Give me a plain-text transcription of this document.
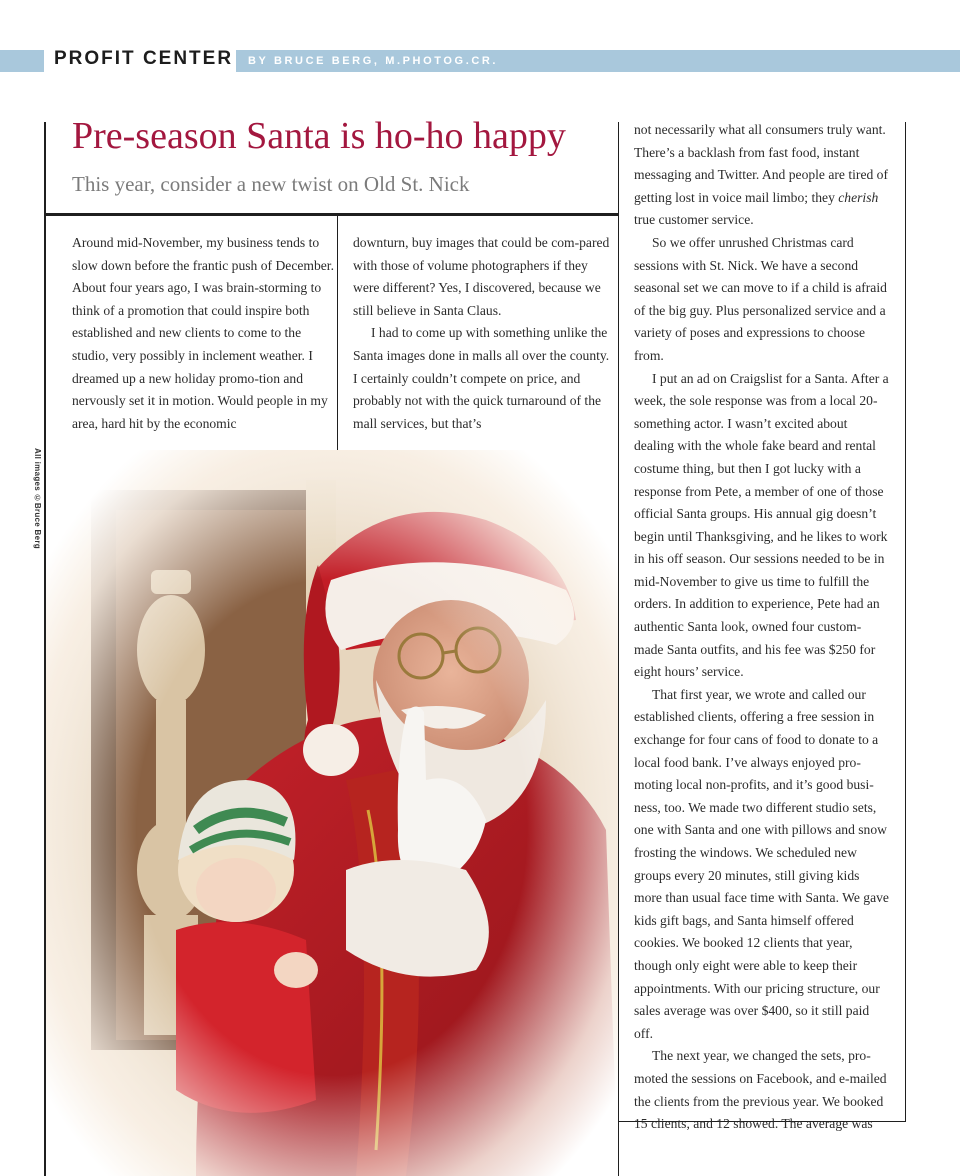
PROFIT CENTER BY BRUCE BERG, M.PHOTOG.CR.
Pre-season Santa is ho-ho happy
This year, consider a new twist on Old St. Nick

Around mid-November, my business tends to slow down before the frantic push of December. About four years ago, I was brain-storming to think of a promotion that could inspire both established and new clients to come to the studio, very possibly in inclement weather. I dreamed up a new holiday promo-tion and nervously set it in motion. Would people in my area, hard hit by the economic

downturn, buy images that could be com-pared with those of volume photographers if they were different? Yes, I discovered, because we still believe in Santa Claus.

I had to come up with something unlike the Santa images done in malls all over the county. I certainly couldn’t compete on price, and probably not with the quick turnaround of the mall services, but that’s

not necessarily what all consumers truly want. There’s a backlash from fast food, instant messaging and Twitter. And people are tired of getting lost in voice mail limbo; they cherish true customer service.

So we offer unrushed Christmas card sessions with St. Nick. We have a second seasonal set we can move to if a child is afraid of the big guy. Plus personalized service and a variety of poses and expressions to choose from.

I put an ad on Craigslist for a Santa. After a week, the sole response was from a local 20-something actor. I wasn’t excited about dealing with the whole fake beard and rental costume thing, but then I got lucky with a response from Pete, a member of one of those official Santa groups. His annual gig doesn’t begin until Thanksgiving, and he likes to work in his off season. Our sessions needed to be in mid-November to give us time to fulfill the orders. In addition to experience, Pete had an authentic Santa look, owned four custom-made Santa outfits, and his fee was $250 for eight hours’ service.

That first year, we wrote and called our established clients, offering a free session in exchange for four cans of food to donate to a local food bank. I’ve always enjoyed pro-moting local non-profits, and it’s good busi-ness, too. We made two different studio sets, one with Santa and one with pillows and snow frosting the windows. We scheduled new groups every 20 minutes, still giving kids more than usual face time with Santa. We gave kids gift bags, and Santa himself offered cookies. We booked 12 clients that year, though only eight were able to keep their appointments. With our pricing structure, our sales average was over $400, so it still paid off.

The next year, we changed the sets, pro-moted the sessions on Facebook, and e-mailed the clients from the previous year. We booked 15 clients, and 12 showed. The average was

All images ©Bruce Berg
